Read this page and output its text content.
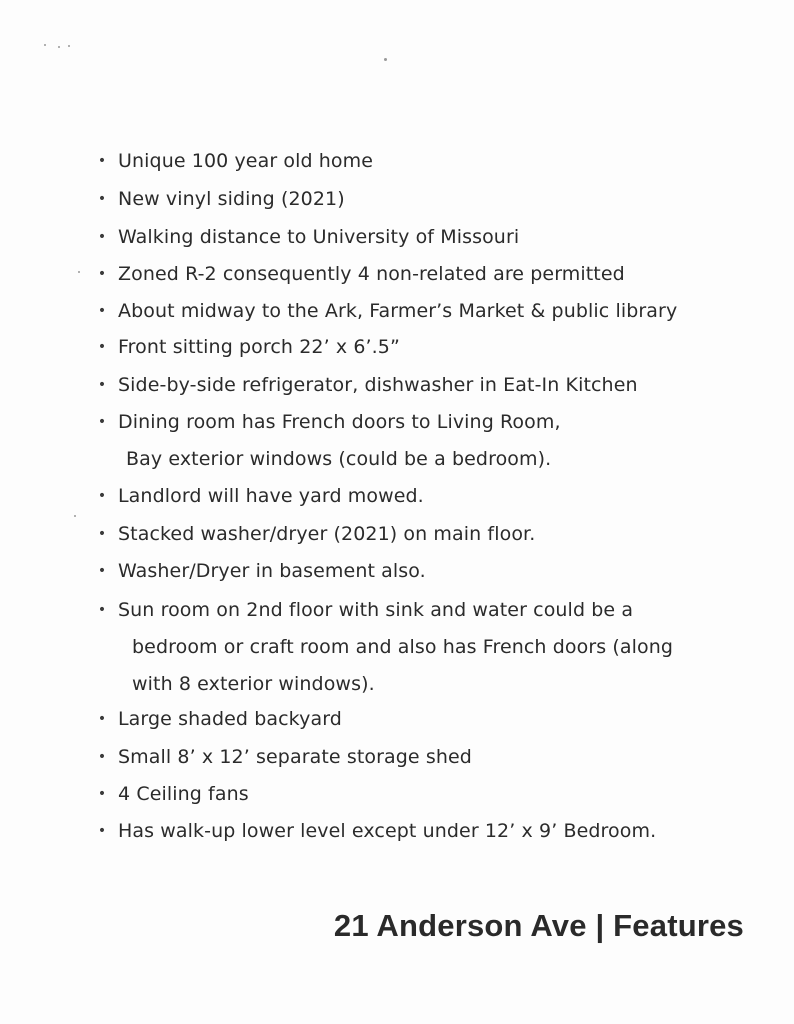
• Unique 100 year old home
• New vinyl siding (2021)
• Walking distance to University of Missouri
• Zoned R-2 consequently 4 non-related are permitted
• About midway to the Ark, Farmer’s Market & public library
• Front sitting porch 22’ x 6’.5”
• Side-by-side refrigerator, dishwasher in Eat-In Kitchen
• Dining room has French doors to Living Room,
Bay exterior windows (could be a bedroom).
• Landlord will have yard mowed.
• Stacked washer/dryer (2021) on main floor.
• Washer/Dryer in basement also.
• Sun room on 2nd floor with sink and water could be a
bedroom or craft room and also has French doors (along
with 8 exterior windows).
• Large shaded backyard
• Small 8’ x 12’ separate storage shed
• 4 Ceiling fans
• Has walk-up lower level except under 12’ x 9’ Bedroom.
21 Anderson Ave | Features
